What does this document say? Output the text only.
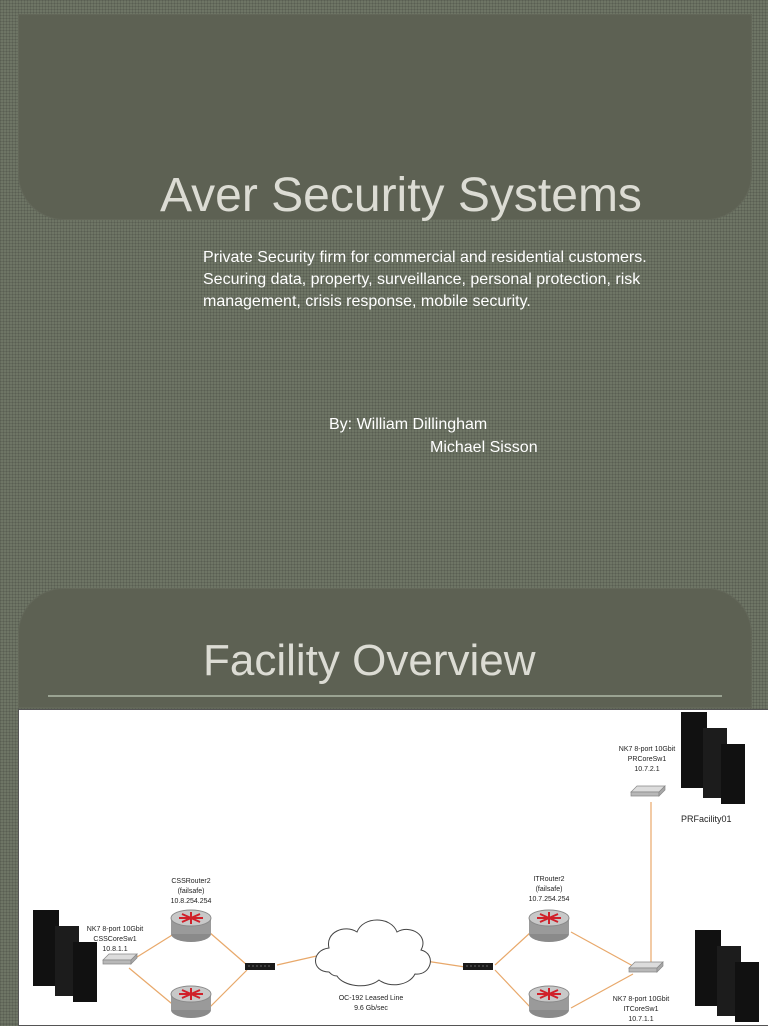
Aver Security Systems

Private Security firm for commercial and residential customers. Securing data, property, surveillance, personal protection, risk management, crisis response, mobile security.

By: William Dillingham
Michael Sisson
Facility Overview
NK7 8-port 10Gbit
PRCoreSw1
10.7.2.1
PRFacility01
NK7 8-port 10Gbit
CSSCoreSw1
10.8.1.1
CSSRouter2
(failsafe)
10.8.254.254
OC-192 Leased Line
9.6 Gb/sec
ITRouter2
(failsafe)
10.7.254.254
NK7 8-port 10Gbit
ITCoreSw1
10.7.1.1
